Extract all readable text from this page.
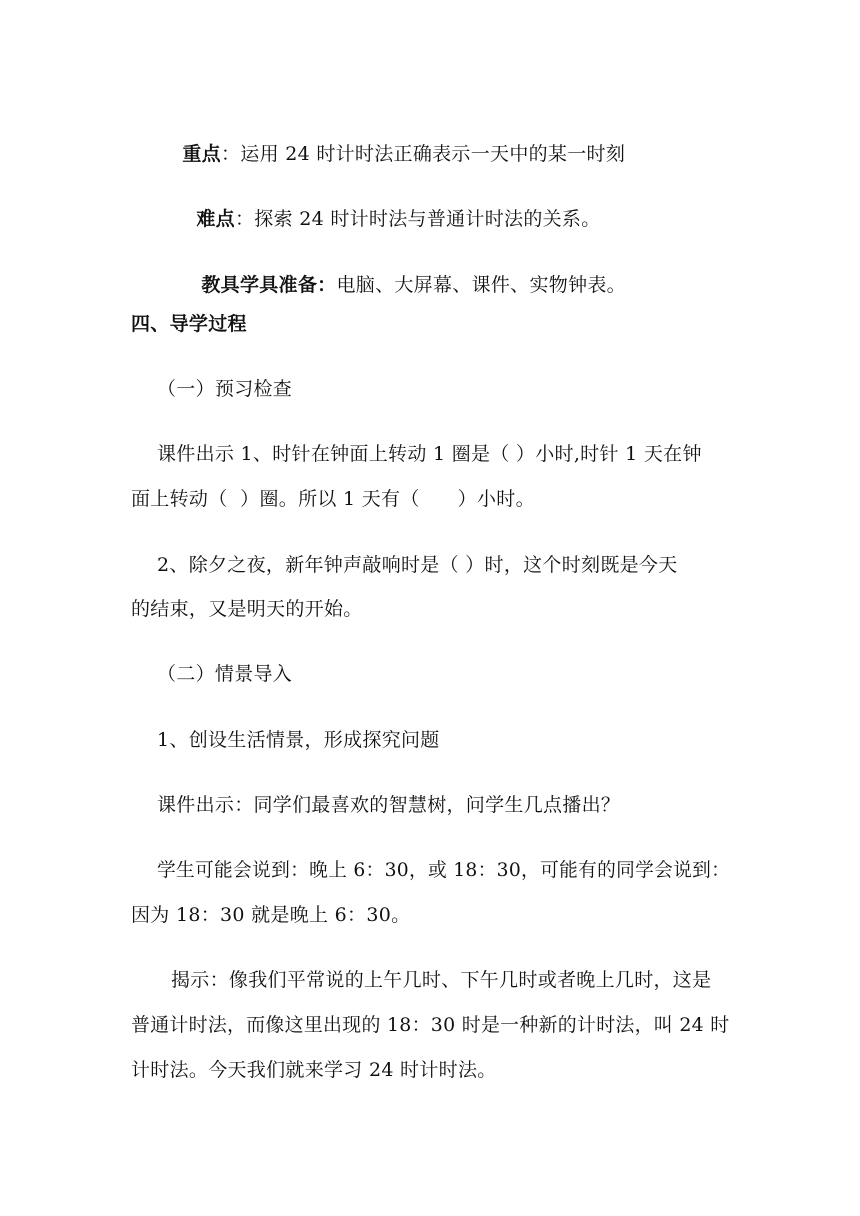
重点：运用 24 时计时法正确表示一天中的某一时刻

难点：探索 24 时计时法与普通计时法的关系。

教具学具准备：电脑、大屏幕、课件、实物钟表。

四、导学过程
（一）预习检查
课件出示 1、时针在钟面上转动 1 圈是（ ）小时,时针 1 天在钟
面上转动（  ）圈。所以 1 天有（      ）小时。
2、除夕之夜，新年钟声敲响时是（ ）时，这个时刻既是今天
的结束，又是明天的开始。
（二）情景导入
1、创设生活情景，形成探究问题
课件出示：同学们最喜欢的智慧树，问学生几点播出？
学生可能会说到：晚上 6：30，或 18：30，可能有的同学会说到：
因为 18：30 就是晚上 6：30。
揭示：像我们平常说的上午几时、下午几时或者晚上几时，这是
普通计时法，而像这里出现的 18：30 时是一种新的计时法，叫 24 时
计时法。今天我们就来学习 24 时计时法。
